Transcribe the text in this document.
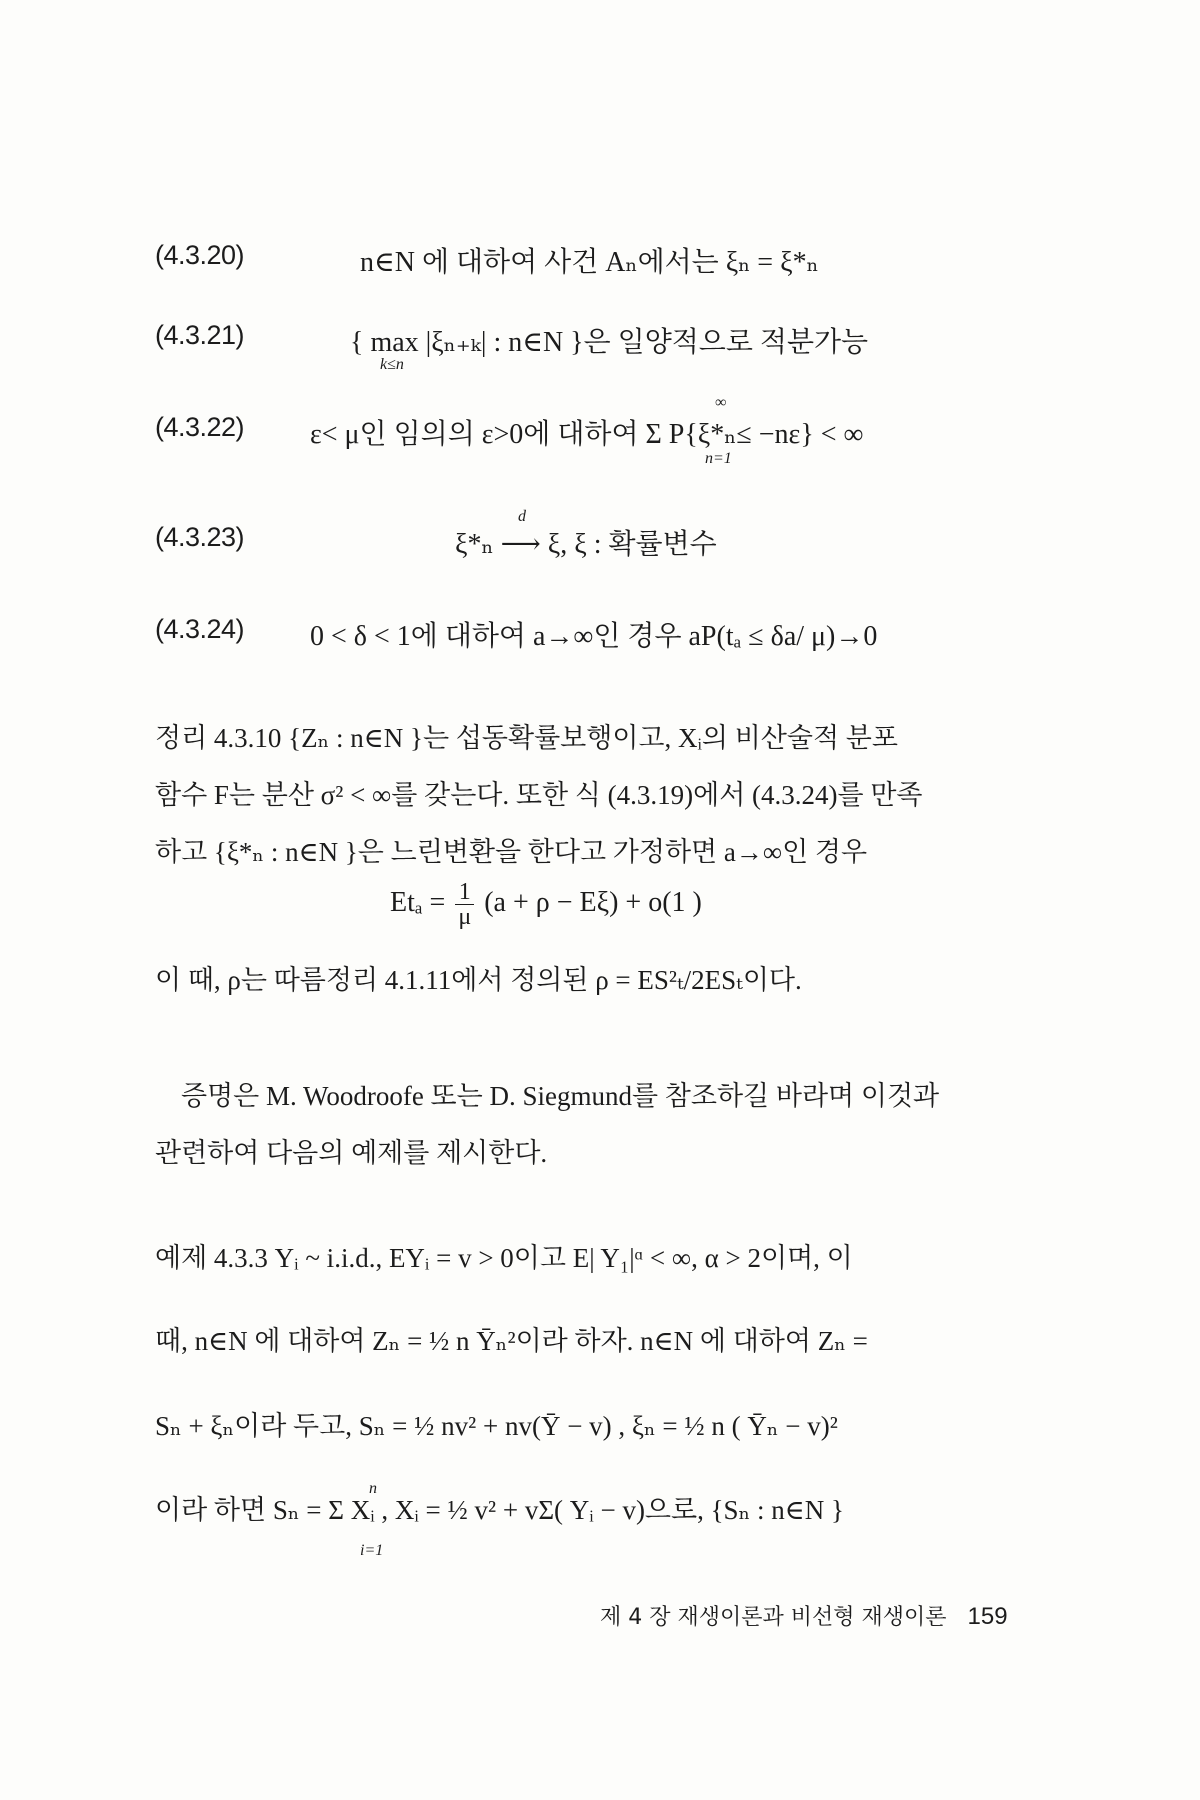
(4.3.20)	n∈N 에 대하여 사건 Aₙ에서는 ξₙ = ξ*ₙ
(4.3.21)	{ max |ξₙ₊ₖ| : n∈N }은 일양적으로 적분가능
k≤n
(4.3.22) ε< μ인 임의의 ε>0에 대하여 Σ P{ξ*ₙ≤ −nε} < ∞
∞
n=1
(4.3.23)
d
ξ*ₙ ⟶ ξ, ξ : 확률변수
(4.3.24) 0 < δ < 1에 대하여 a→∞인 경우 aP(tₐ ≤ δa/ μ)→0
정리 4.3.10 {Zₙ : n∈N }는 섭동확률보행이고, Xᵢ의 비산술적 분포
함수 F는 분산 σ² < ∞를 갖는다. 또한 식 (4.3.19)에서 (4.3.24)를 만족
하고 {ξ*ₙ : n∈N }은 느린변환을 한다고 가정하면 a→∞인 경우
$Et_a = \frac{1}{\mu} (a + \rho - E\xi) + o(1$ )
이 때, ρ는 따름정리 4.1.11에서 정의된 ρ = ES²ₜ/2ESₜ이다.
증명은 M. Woodroofe 또는 D. Siegmund를 참조하길 바라며 이것과
관련하여 다음의 예제를 제시한다.
예제 4.3.3 Yᵢ ~ i.i.d., EYᵢ = v > 0이고 E| Y₁|ᵅ < ∞, α > 2이며, 이
때, n∈N 에 대하여 Zₙ = ½ n Ȳₙ²이라 하자. n∈N 에 대하여 Zₙ =
Sₙ + ξₙ이라 두고, Sₙ = ½ nv² + nv(Ȳ − v) , ξₙ = ½ n ( Ȳₙ − v)²
이라 하면 Sₙ = Σ Xᵢ , Xᵢ = ½ v² + vΣ( Yᵢ − v)으로, {Sₙ : n∈N }
n
i=1
제 4 장 재생이론과 비선형 재생이론 159
